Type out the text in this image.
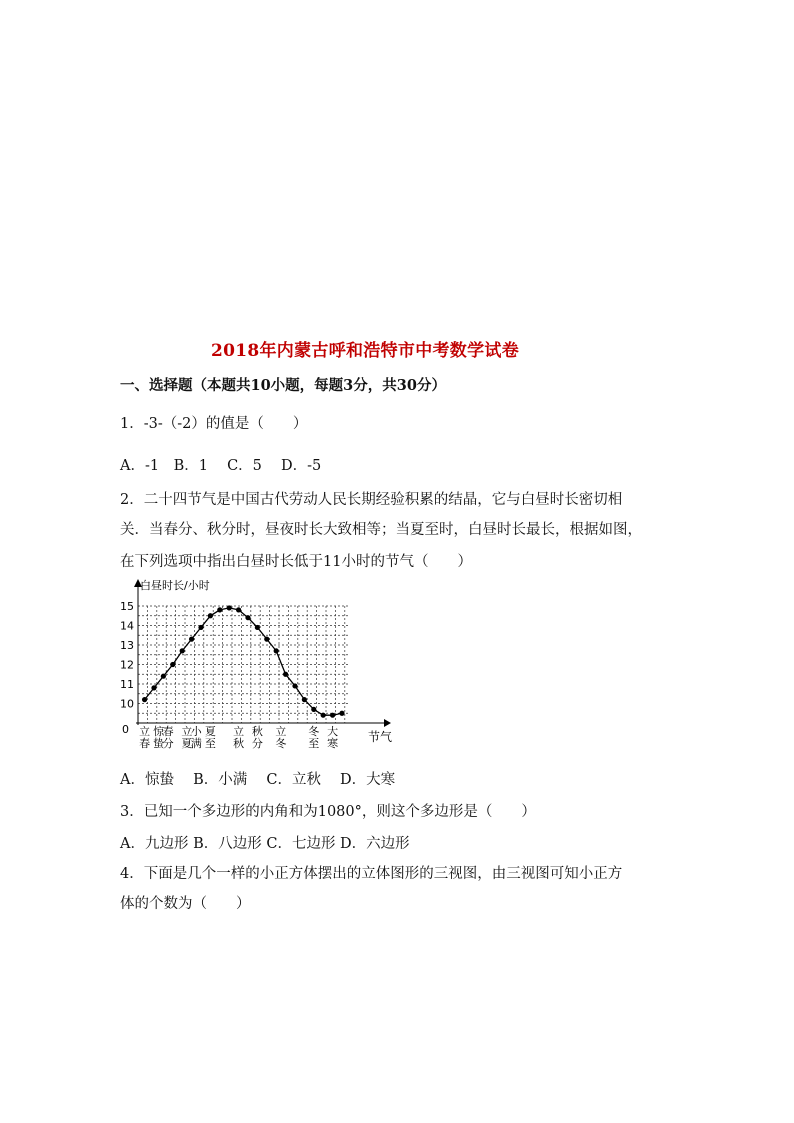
2018年内蒙古呼和浩特市中考数学试卷
一、选择题（本题共10小题，每题3分，共30分）
1．-3-（-2）的值是（　　）
A．-1　B．1　 C．5　 D．-5
2．二十四节气是中国古代劳动人民长期经验积累的结晶，它与白昼时长密切相
关．当春分、秋分时，昼夜时长大致相等；当夏至时，白昼时长最长，根据如图，
在下列选项中指出白昼时长低于11小时的节气（　　）
白昼时长/小时
节气
0
10
11
12
13
14
15
立
春
惊
蛰
春
分
立
夏
小
满
夏
至
立
秋
秋
分
立
冬
冬
至
大
寒
A．惊蛰　 B．小满　 C．立秋　 D．大寒
3．已知一个多边形的内角和为1080°，则这个多边形是（　　）
A．九边形 B．八边形 C．七边形 D．六边形
4．下面是几个一样的小正方体摆出的立体图形的三视图，由三视图可知小正方
体的个数为（　　）
